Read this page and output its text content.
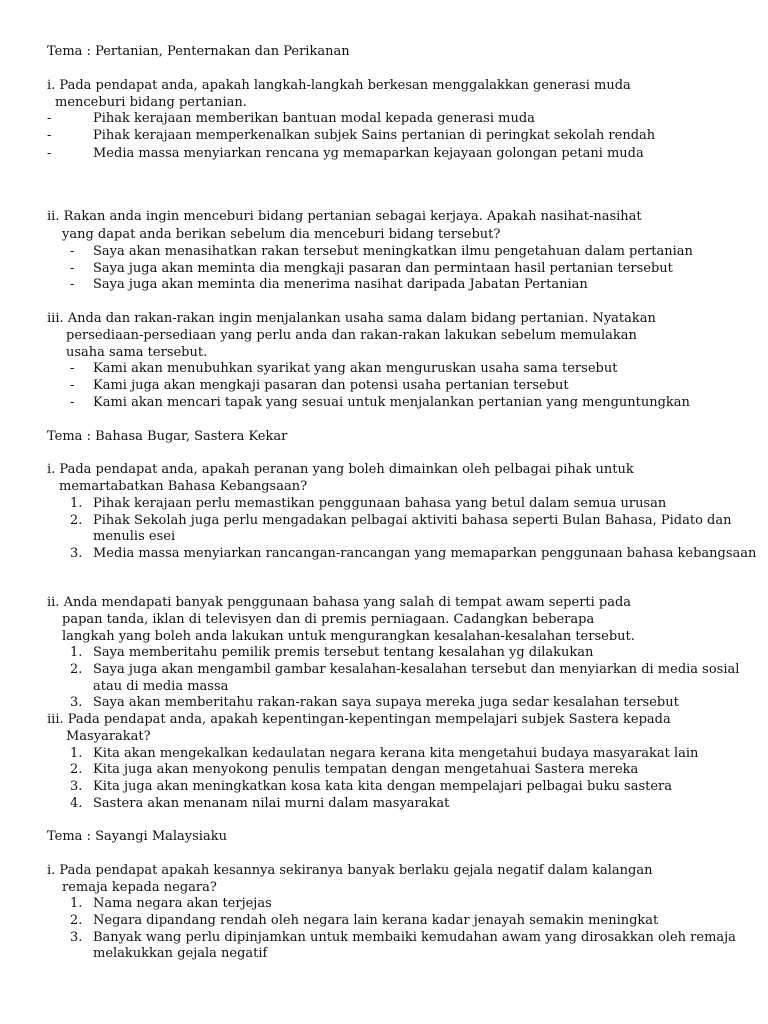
Tema : Pertanian, Penternakan dan Perikanan
i. Pada pendapat anda, apakah langkah-langkah berkesan menggalakkan generasi muda
menceburi bidang pertanian.
-	Pihak kerajaan memberikan bantuan modal kepada generasi muda
-	Pihak kerajaan memperkenalkan subjek Sains pertanian di peringkat sekolah rendah
-	Media massa menyiarkan rencana yg memaparkan kejayaan golongan petani muda
ii. Rakan anda ingin menceburi bidang pertanian sebagai kerjaya. Apakah nasihat-nasihat
yang dapat anda berikan sebelum dia menceburi bidang tersebut?
- Saya akan menasihatkan rakan tersebut meningkatkan ilmu pengetahuan dalam pertanian
- Saya juga akan meminta dia mengkaji pasaran dan permintaan hasil pertanian tersebut
- Saya juga akan meminta dia menerima nasihat daripada Jabatan Pertanian
iii. Anda dan rakan-rakan ingin menjalankan usaha sama dalam bidang pertanian. Nyatakan
persediaan-persediaan yang perlu anda dan rakan-rakan lakukan sebelum memulakan
usaha sama tersebut.
- Kami akan menubuhkan syarikat yang akan menguruskan usaha sama tersebut
- Kami juga akan mengkaji pasaran dan potensi usaha pertanian tersebut
- Kami akan mencari tapak yang sesuai untuk menjalankan pertanian yang menguntungkan
Tema : Bahasa Bugar, Sastera Kekar
i. Pada pendapat anda, apakah peranan yang boleh dimainkan oleh pelbagai pihak untuk
memartabatkan Bahasa Kebangsaan?
1. Pihak kerajaan perlu memastikan penggunaan bahasa yang betul dalam semua urusan
2. Pihak Sekolah juga perlu mengadakan pelbagai aktiviti bahasa seperti Bulan Bahasa, Pidato dan
menulis esei
3. Media massa menyiarkan rancangan-rancangan yang memaparkan penggunaan bahasa kebangsaan
ii. Anda mendapati banyak penggunaan bahasa yang salah di tempat awam seperti pada
papan tanda, iklan di televisyen dan di premis perniagaan. Cadangkan beberapa
langkah yang boleh anda lakukan untuk mengurangkan kesalahan-kesalahan tersebut.
1. Saya memberitahu pemilik premis tersebut tentang kesalahan yg dilakukan
2. Saya juga akan mengambil gambar kesalahan-kesalahan tersebut dan menyiarkan di media sosial
atau di media massa
3. Saya akan memberitahu rakan-rakan saya supaya mereka juga sedar kesalahan tersebut
iii. Pada pendapat anda, apakah kepentingan-kepentingan mempelajari subjek Sastera kepada
Masyarakat?
1. Kita akan mengekalkan kedaulatan negara kerana kita mengetahui budaya masyarakat lain
2. Kita juga akan menyokong penulis tempatan dengan mengetahuai Sastera mereka
3. Kita juga akan meningkatkan kosa kata kita dengan mempelajari pelbagai buku sastera
4. Sastera akan menanam nilai murni dalam masyarakat
Tema : Sayangi Malaysiaku
i. Pada pendapat apakah kesannya sekiranya banyak berlaku gejala negatif dalam kalangan
remaja kepada negara?
1. Nama negara akan terjejas
2. Negara dipandang rendah oleh negara lain kerana kadar jenayah semakin meningkat
3. Banyak wang perlu dipinjamkan untuk membaiki kemudahan awam yang dirosakkan oleh remaja
melakukkan gejala negatif
